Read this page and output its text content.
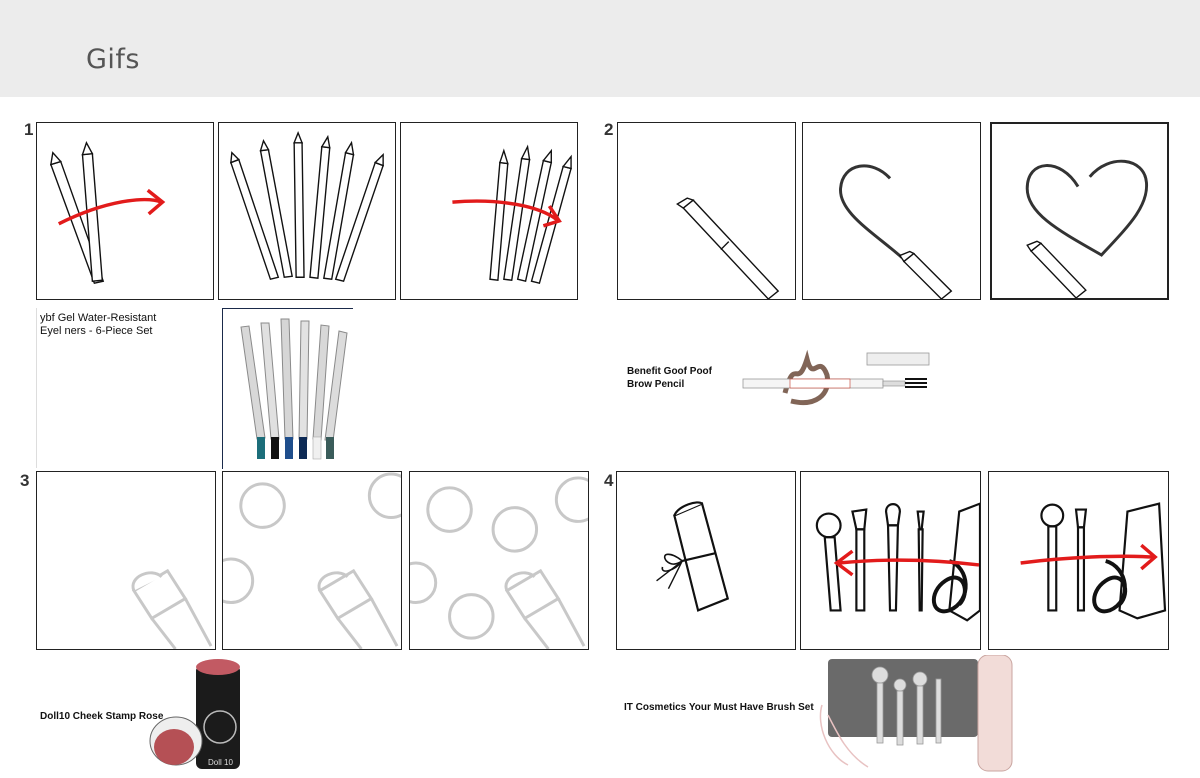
Gifs
1	2
3	4
ybf Gel Water-Resistant
Eyel ners - 6-Piece Set
Benefit Goof Poof
Brow Pencil
Doll10 Cheek Stamp Rose
Doll 10
IT Cosmetics Your Must Have Brush Set
